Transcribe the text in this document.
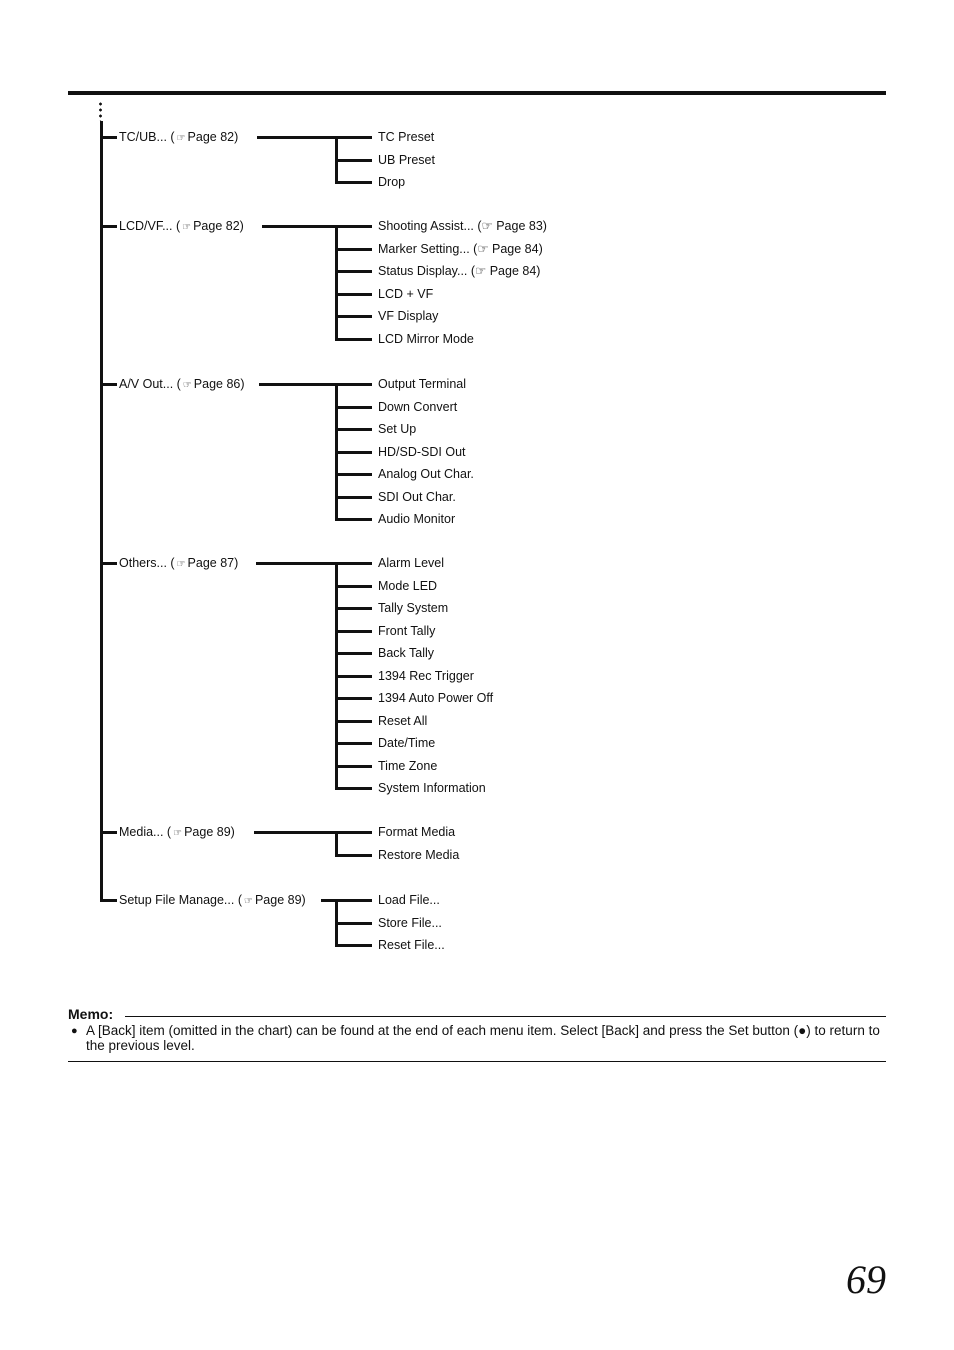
TC/UB... ( ☞ Page 82)	TC Preset
UB Preset
Drop
LCD/VF... ( ☞ Page 82)	Shooting Assist... (☞ Page 83)
Marker Setting... (☞ Page 84)
Status Display... (☞ Page 84)
LCD + VF
VF Display
LCD Mirror Mode
A/V Out... ( ☞ Page 86)	Output Terminal
Down Convert
Set Up
HD/SD-SDI Out
Analog Out Char.
SDI Out Char.
Audio Monitor
Others... ( ☞ Page 87)	Alarm Level
Mode LED
Tally System
Front Tally
Back Tally
1394 Rec Trigger
1394 Auto Power Off
Reset All
Date/Time
Time Zone
System Information
Media... ( ☞ Page 89)	Format Media
Restore Media
Setup File Manage... ( ☞ Page 89)	Load File...
Store File...
Reset File...
Memo:
● A [Back] item (omitted in the chart) can be found at the end of each menu item. Select [Back] and press the Set button (●) to return to the previous level.
69
